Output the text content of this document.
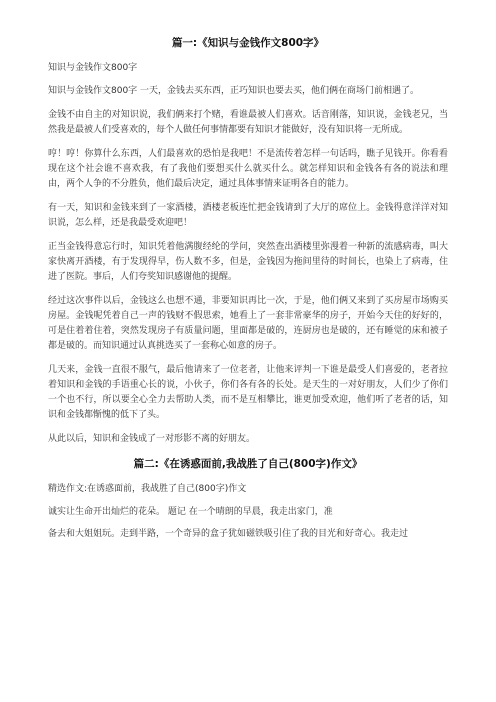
篇一:《知识与金钱作文800字》
知识与金钱作文800字
知识与金钱作文800字 一天，金钱去买东西，正巧知识也要去买，他们俩在商场门前相遇了。
金钱不由自主的对知识说，我们俩来打个赌，看谁最被人们喜欢。话音刚落，知识说，金钱老兄，当然我是最被人们受喜欢的，每个人做任何事情都要有知识才能做好，没有知识将一无所成。
哼！哼！你算什么东西，人们最喜欢的恐怕是我吧！不是流传着怎样一句话吗，瞧子见钱开。你看看现在这个社会谁不喜欢我，有了我他们要想买什么就买什么。就怎样知识和金钱各有各的说法和理由，两个人争的不分胜负，他们最后决定，通过具体事情来证明各自的能力。
有一天，知识和金钱来到了一家酒楼，酒楼老板连忙把金钱请到了大厅的席位上。金钱得意洋洋对知识说，怎么样，还是我最受欢迎吧！
正当金钱得意忘行时，知识凭着他满腹经纶的学问，突然查出酒楼里弥漫着一种新的流感病毒，叫大家快离开酒楼，有于发现得早，伤人数不多，但是，金钱因为拖间里待的时间长，也染上了病毒，住进了医院。事后，人们夸奖知识感谢他的提醒。
经过这次事件以后，金钱这么也想不通，非要知识再比一次，于是，他们俩又来到了买房屋市场购买房屋。金钱呢凭着自己一声的钱财不假思索，她看上了一套非常豪华的房子，开始今天住的好好的，可是住着着住着，突然发现房子有质量问题，里面都是破的，连厨房也是破的，还有睡觉的床和被子都是破的。而知识通过认真挑选买了一套称心如意的房子。
几天来，金钱一直很不服气，最后他请来了一位老者，让他来评判一下谁是最受人们喜爱的，老者拉着知识和金钱的手语重心长的说，小伙子，你们各有各的长处。是天生的一对好朋友，人们少了你们一个也不行，所以要全心全力去帮助人类，而不是互相攀比，谁更加受欢迎，他们听了老者的话，知识和金钱都惭愧的低下了头。
从此以后，知识和金钱成了一对形影不离的好朋友。
篇二:《在诱惑面前,我战胜了自己(800字)作文》
精选作文:在诱惑面前，我战胜了自己(800字)作文
诚实让生命开出灿烂的花朵。 题记 在一个晴朗的早晨，我走出家门，准
备去和大姐姐玩。走到半路，一个奇异的盒子犹如磁铁吸引住了我的目光和好奇心。我走过
